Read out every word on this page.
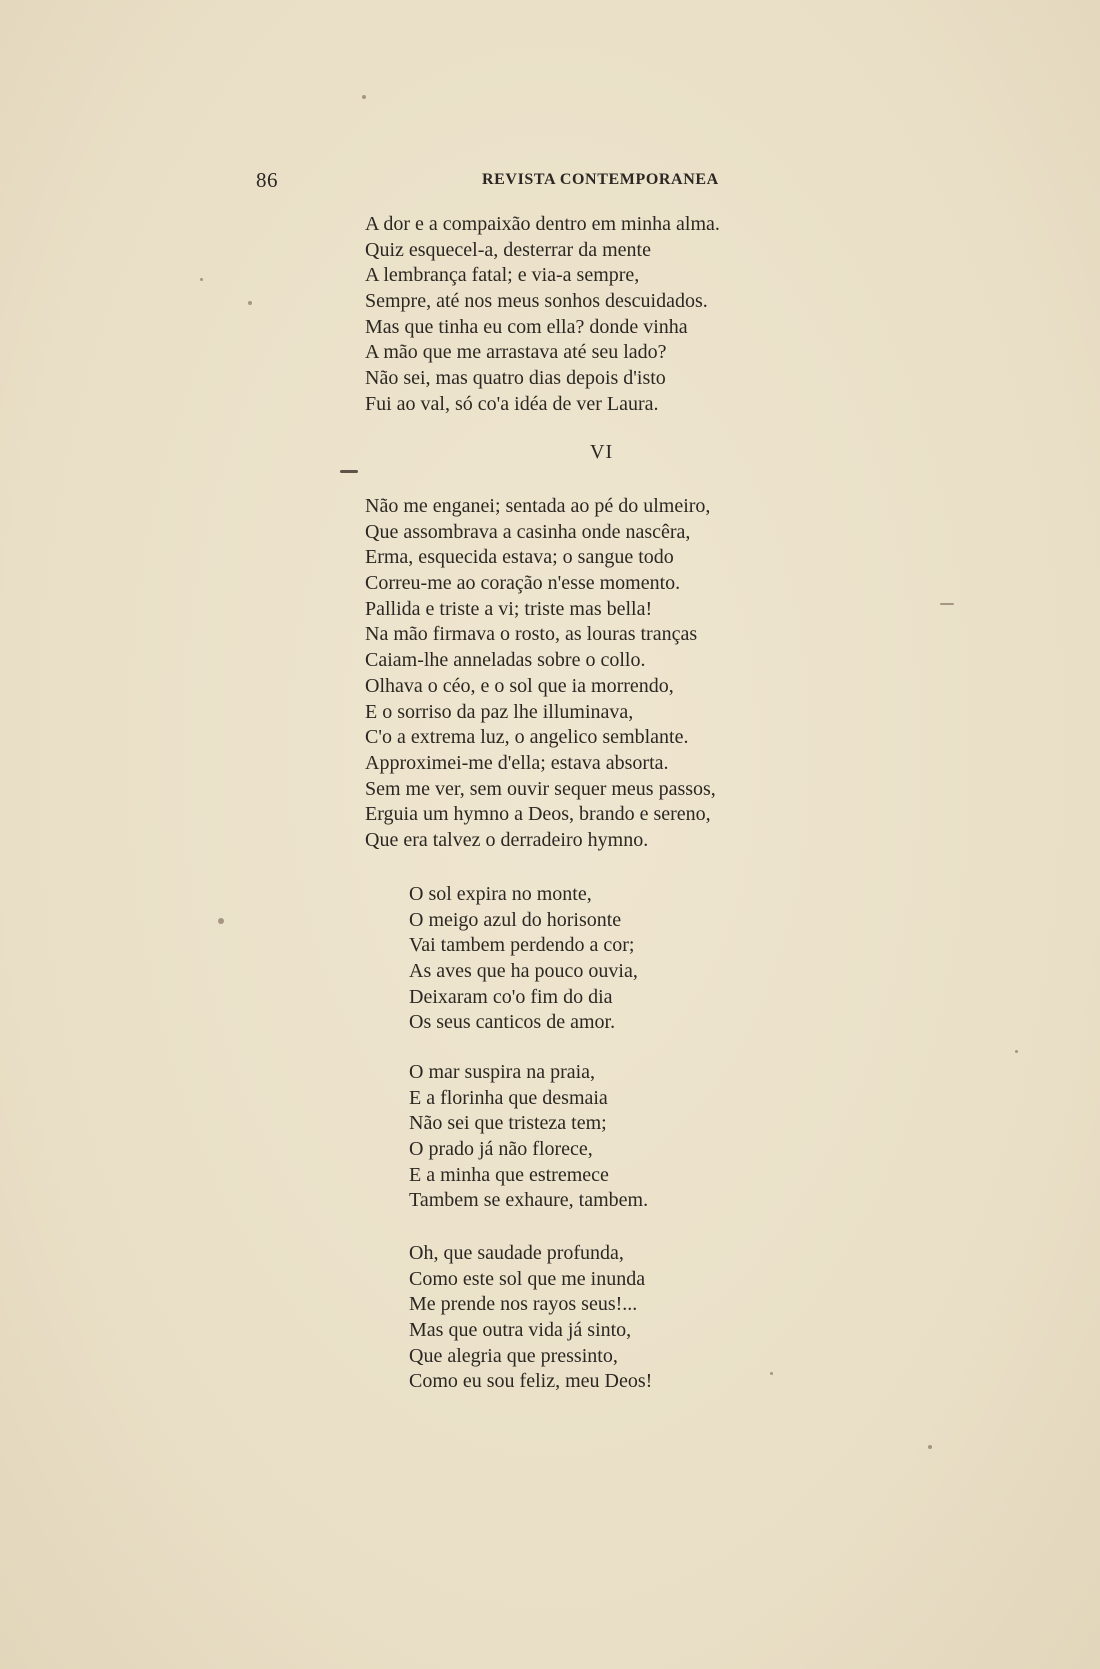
86	REVISTA CONTEMPORANEA
A dor e a compaixão dentro em minha alma.
Quiz esquecel-a, desterrar da mente
A lembrança fatal; e via-a sempre,
Sempre, até nos meus sonhos descuidados.
Mas que tinha eu com ella? donde vinha
A mão que me arrastava até seu lado?
Não sei, mas quatro dias depois d'isto
Fui ao val, só co'a idéa de ver Laura.
VI
Não me enganei; sentada ao pé do ulmeiro,
Que assombrava a casinha onde nascêra,
Erma, esquecida estava; o sangue todo
Correu-me ao coração n'esse momento.
Pallida e triste a vi; triste mas bella!
Na mão firmava o rosto, as louras tranças
Caiam-lhe anneladas sobre o collo.
Olhava o céo, e o sol que ia morrendo,
E o sorriso da paz lhe illuminava,
C'o a extrema luz, o angelico semblante.
Approximei-me d'ella; estava absorta.
Sem me ver, sem ouvir sequer meus passos,
Erguia um hymno a Deos, brando e sereno,
Que era talvez o derradeiro hymno.
O sol expira no monte,
O meigo azul do horisonte
Vai tambem perdendo a cor;
As aves que ha pouco ouvia,
Deixaram co'o fim do dia
Os seus canticos de amor.
O mar suspira na praia,
E a florinha que desmaia
Não sei que tristeza tem;
O prado já não florece,
E a minha que estremece
Tambem se exhaure, tambem.
Oh, que saudade profunda,
Como este sol que me inunda
Me prende nos rayos seus!...
Mas que outra vida já sinto,
Que alegria que pressinto,
Como eu sou feliz, meu Deos!
